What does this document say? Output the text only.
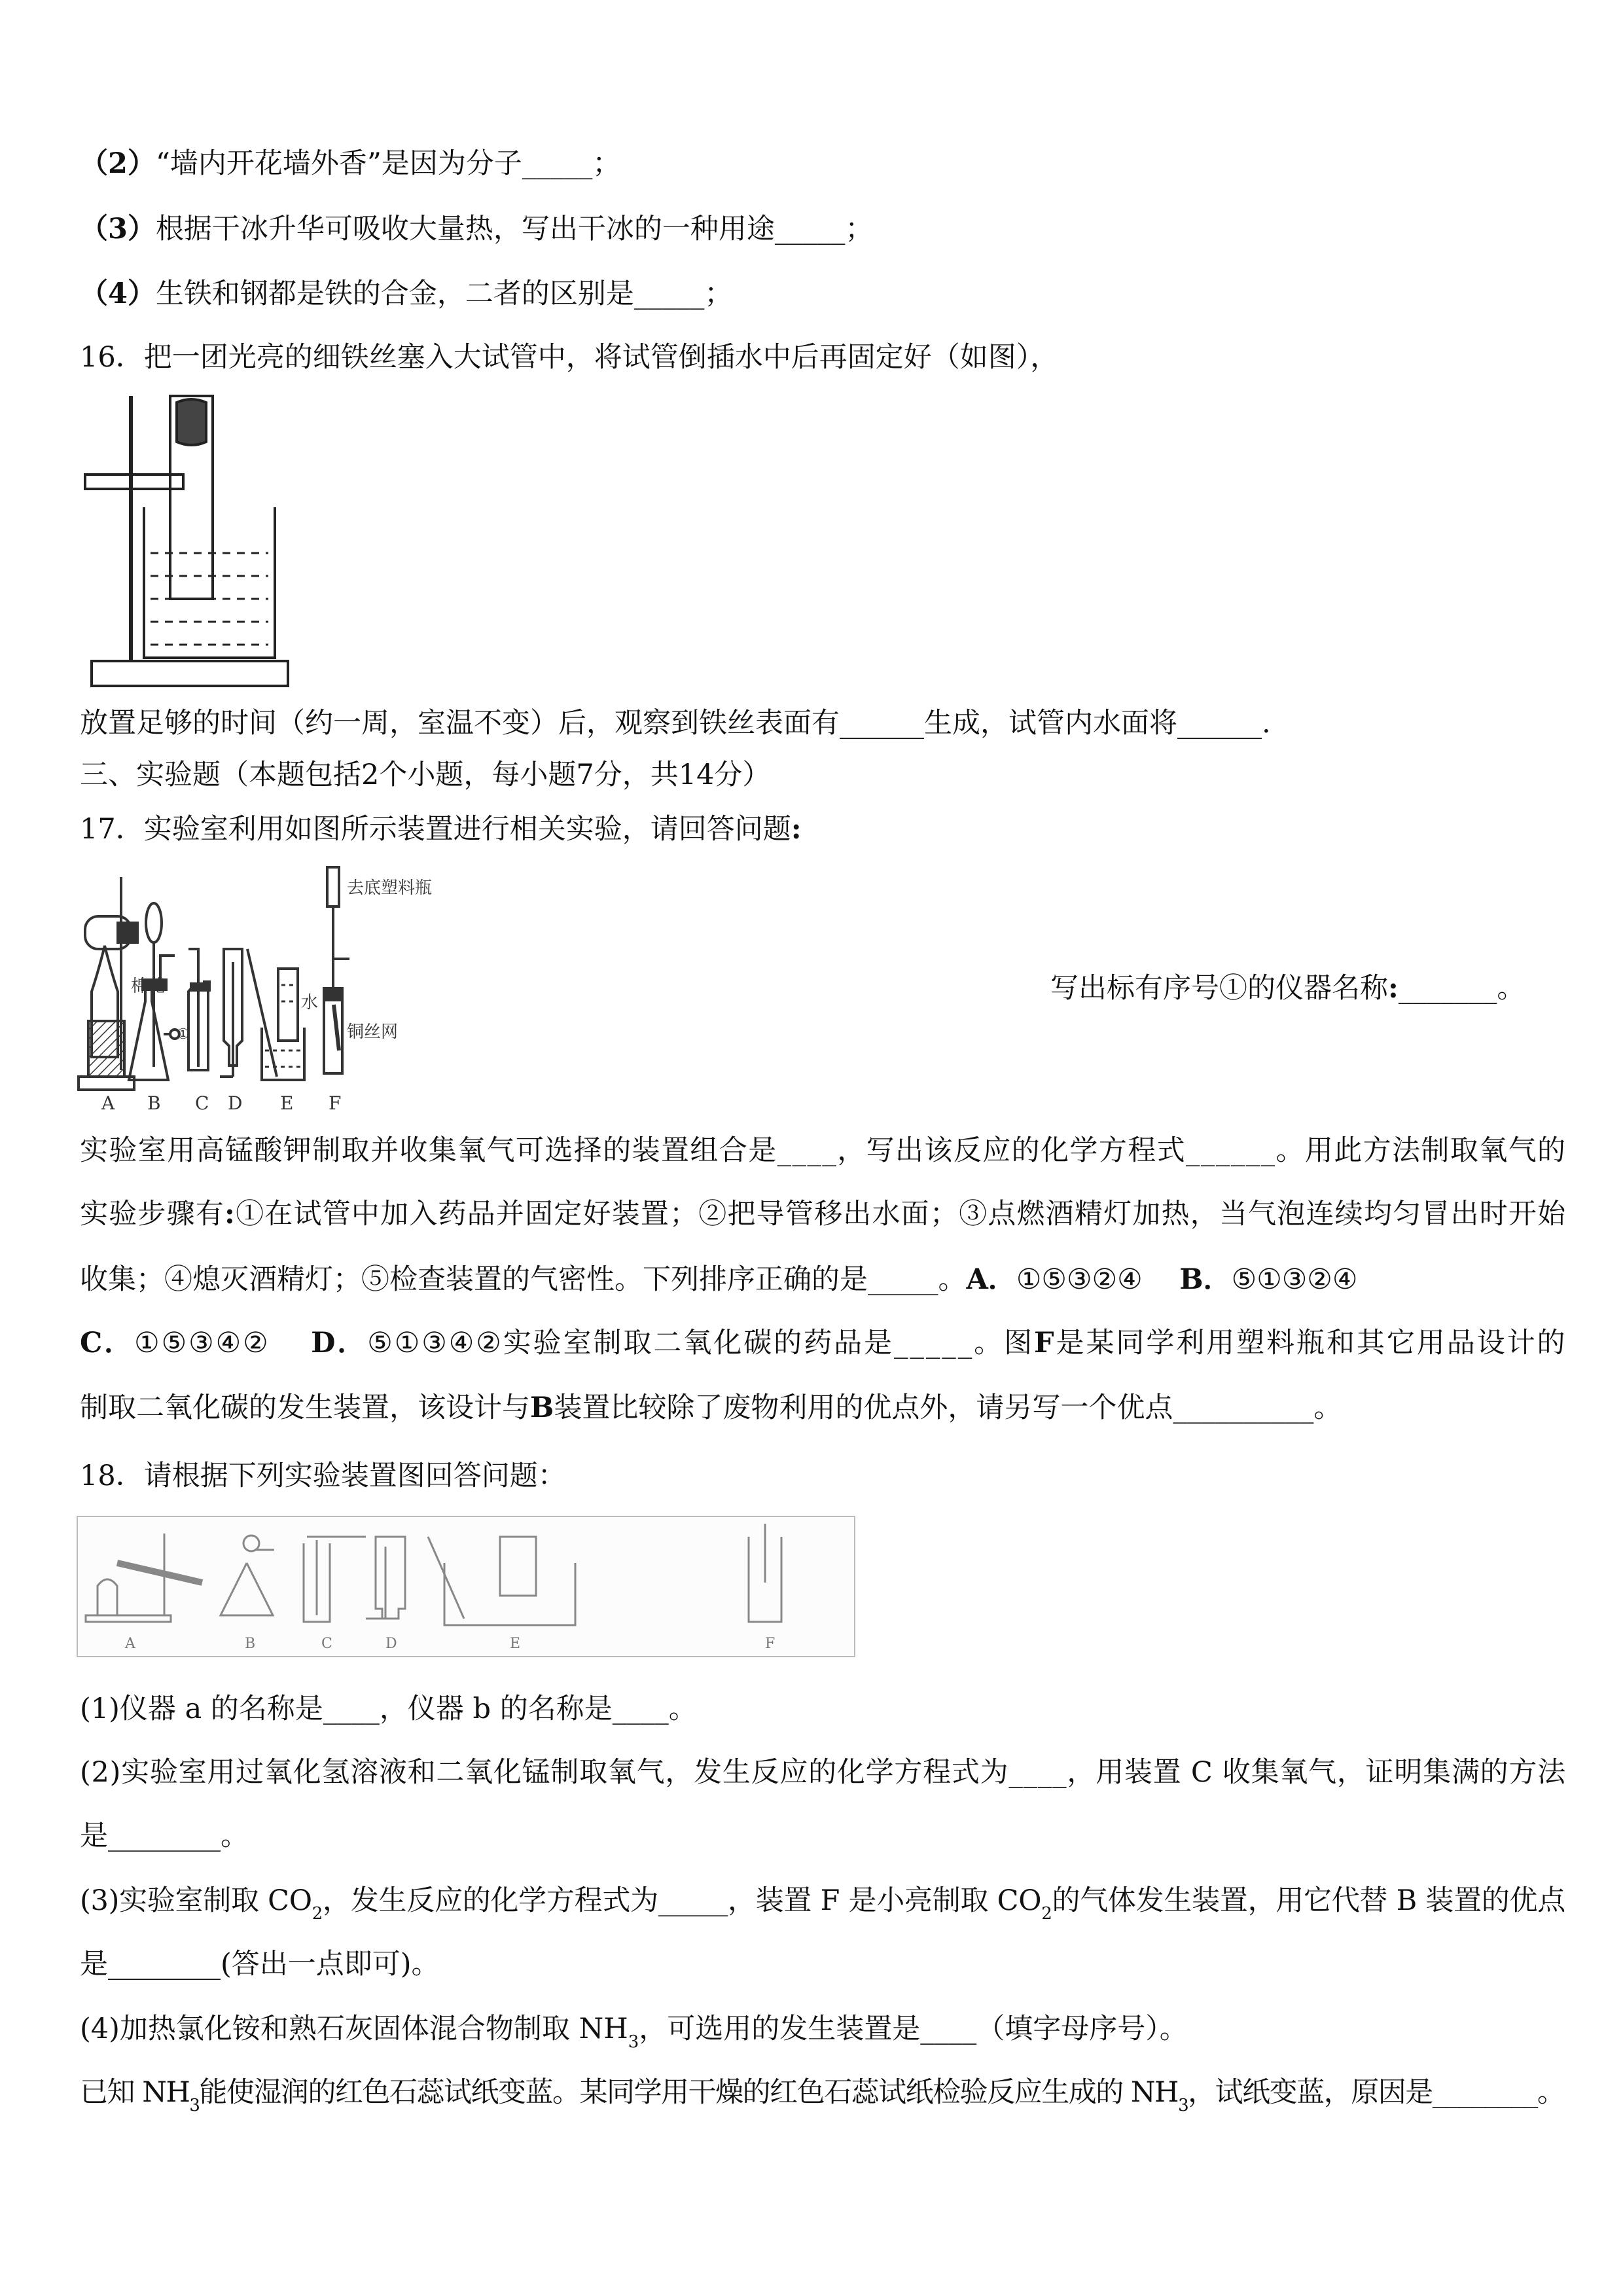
（2）“墙内开花墙外香”是因为分子_____；
（3）根据干冰升华可吸收大量热，写出干冰的一种用途_____；
（4）生铁和钢都是铁的合金，二者的区别是_____；
16．把一团光亮的细铁丝塞入大试管中，将试管倒插水中后再固定好（如图），
放置足够的时间（约一周，室温不变）后，观察到铁丝表面有______生成，试管内水面将______.
三、实验题（本题包括2个小题，每小题7分，共14分）
17．实验室利用如图所示装置进行相关实验，请回答问题:
实验室用高锰酸钾制取并收集氧气可选择的装置组合是____，写出该反应的化学方程式______。用此方法制取氧气的
实验步骤有:①在试管中加入药品并固定好装置；②把导管移出水面；③点燃酒精灯加热，当气泡连续均匀冒出时开始
收集；④熄灭酒精灯；⑤检查装置的气密性。下列排序正确的是_____。A．①⑤③②④　 B．⑤①③②④
C．①⑤③④②　 D．⑤①③④②实验室制取二氧化碳的药品是_____。图F是某同学利用塑料瓶和其它用品设计的
制取二氧化碳的发生装置，该设计与B装置比较除了废物利用的优点外，请另写一个优点__________。
18．请根据下列实验装置图回答问题：
(1)仪器 a 的名称是____，仪器 b 的名称是____。
(2)实验室用过氧化氢溶液和二氧化锰制取氧气，发生反应的化学方程式为____，用装置 C 收集氧气，证明集满的方法
是________。
(3)实验室制取 $CO_2$，发生反应的化学方程式为_____，装置 F 是小亮制取 $CO_2$的气体发生装置，用它代替 B 装置的优点
是________(答出一点即可)。
(4)加热氯化铵和熟石灰固体混合物制取 $NH_3$，可选用的发生装置是____（填字母序号）。
已知 $NH_3$能使湿润的红色石蕊试纸变蓝。某同学用干燥的红色石蕊试纸检验反应生成的 $NH_3$，试纸变蓝，原因是________。
A B C D E F
棉花
①
水
去底塑料瓶
铜丝网
写出标有序号①的仪器名称:_______。
A	B	C	D	E	F
